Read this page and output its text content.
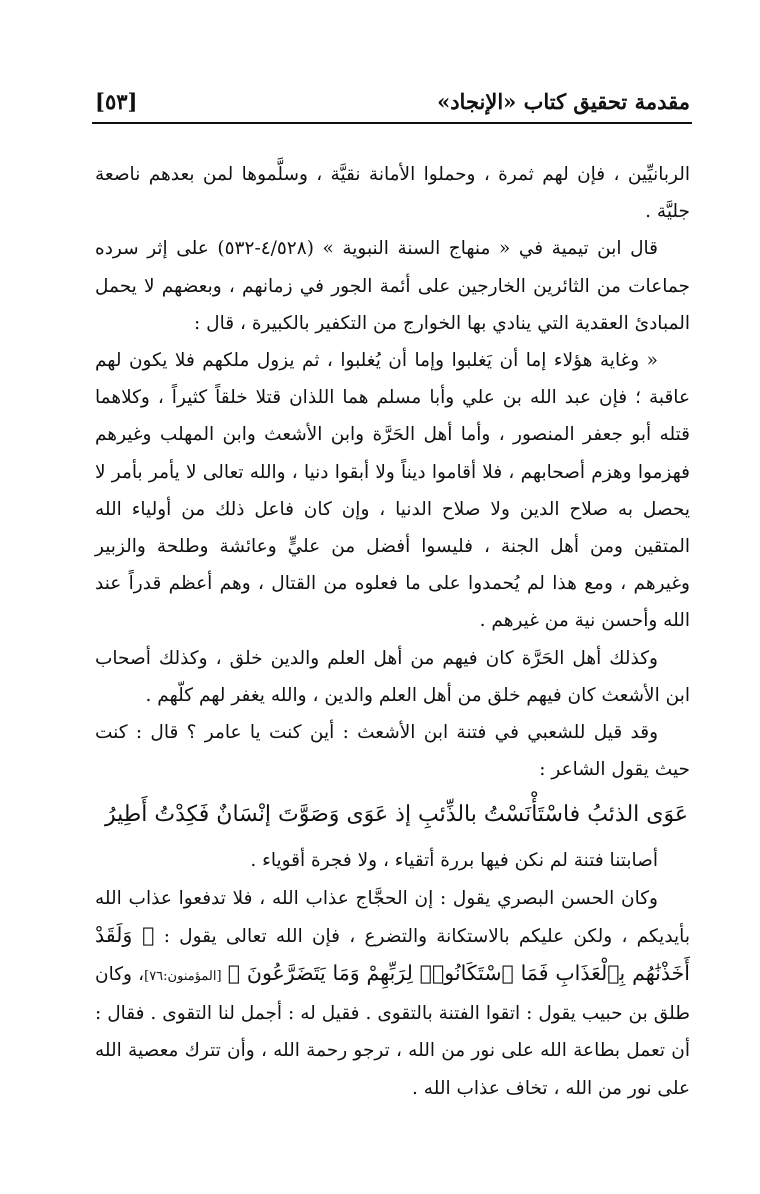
مقدمة تحقيق كتاب «الإنجاد»
[٥٣]

الربانيِّين ، فإن لهم ثمرة ، وحملوا الأمانة نقيَّة ، وسلَّموها لمن بعدهم ناصعة جليَّة .

قال ابن تيمية في « منهاج السنة النبوية » (٤/٥٢٨-٥٣٢) على إثر سرده جماعات من الثائرين الخارجين على أئمة الجور في زمانهم ، وبعضهم لا يحمل المبادئ العقدية التي ينادي بها الخوارج من التكفير بالكبيرة ، قال :

« وغاية هؤلاء إما أن يَغلبوا وإما أن يُغلبوا ، ثم يزول ملكهم فلا يكون لهم عاقبة ؛ فإن عبد الله بن علي وأبا مسلم هما اللذان قتلا خلقاً كثيراً ، وكلاهما قتله أبو جعفر المنصور ، وأما أهل الحَرَّة وابن الأشعث وابن المهلب وغيرهم فهزموا وهزم أصحابهم ، فلا أقاموا ديناً ولا أبقوا دنيا ، والله تعالى لا يأمر بأمر لا يحصل به صلاح الدين ولا صلاح الدنيا ، وإن كان فاعل ذلك من أولياء الله المتقين ومن أهل الجنة ، فليسوا أفضل من عليٍّ وعائشة وطلحة والزبير وغيرهم ، ومع هذا لم يُحمدوا على ما فعلوه من القتال ، وهم أعظم قدراً عند الله وأحسن نية من غيرهم .

وكذلك أهل الحَرَّة كان فيهم من أهل العلم والدين خلق ، وكذلك أصحاب ابن الأشعث كان فيهم خلق من أهل العلم والدين ، والله يغفر لهم كلّهم .

وقد قيل للشعبي في فتنة ابن الأشعث : أين كنت يا عامر ؟ قال : كنت حيث يقول الشاعر :

عَوَى الذئبُ فاسْتَأْنَسْتُ بالذِّئبِ إذ عَوَى
وَصَوَّتَ إنْسَانٌ فَكِدْتُ أَطِيرُ

أصابتنا فتنة لم نكن فيها بررة أتقياء ، ولا فجرة أقوياء .

وكان الحسن البصري يقول : إن الحجَّاج عذاب الله ، فلا تدفعوا عذاب الله بأيديكم ، ولكن عليكم بالاستكانة والتضرع ، فإن الله تعالى يقول : ﴿ وَلَقَدْ أَخَذْنَٰهُم بِٱلْعَذَابِ فَمَا ٱسْتَكَانُوا۟ لِرَبِّهِمْ وَمَا يَتَضَرَّعُونَ ﴾ [المؤمنون:٧٦]، وكان طلق بن حبيب يقول : اتقوا الفتنة بالتقوى . فقيل له : أجمل لنا التقوى . فقال : أن تعمل بطاعة الله على نور من الله ، ترجو رحمة الله ، وأن تترك معصية الله على نور من الله ، تخاف عذاب الله .
